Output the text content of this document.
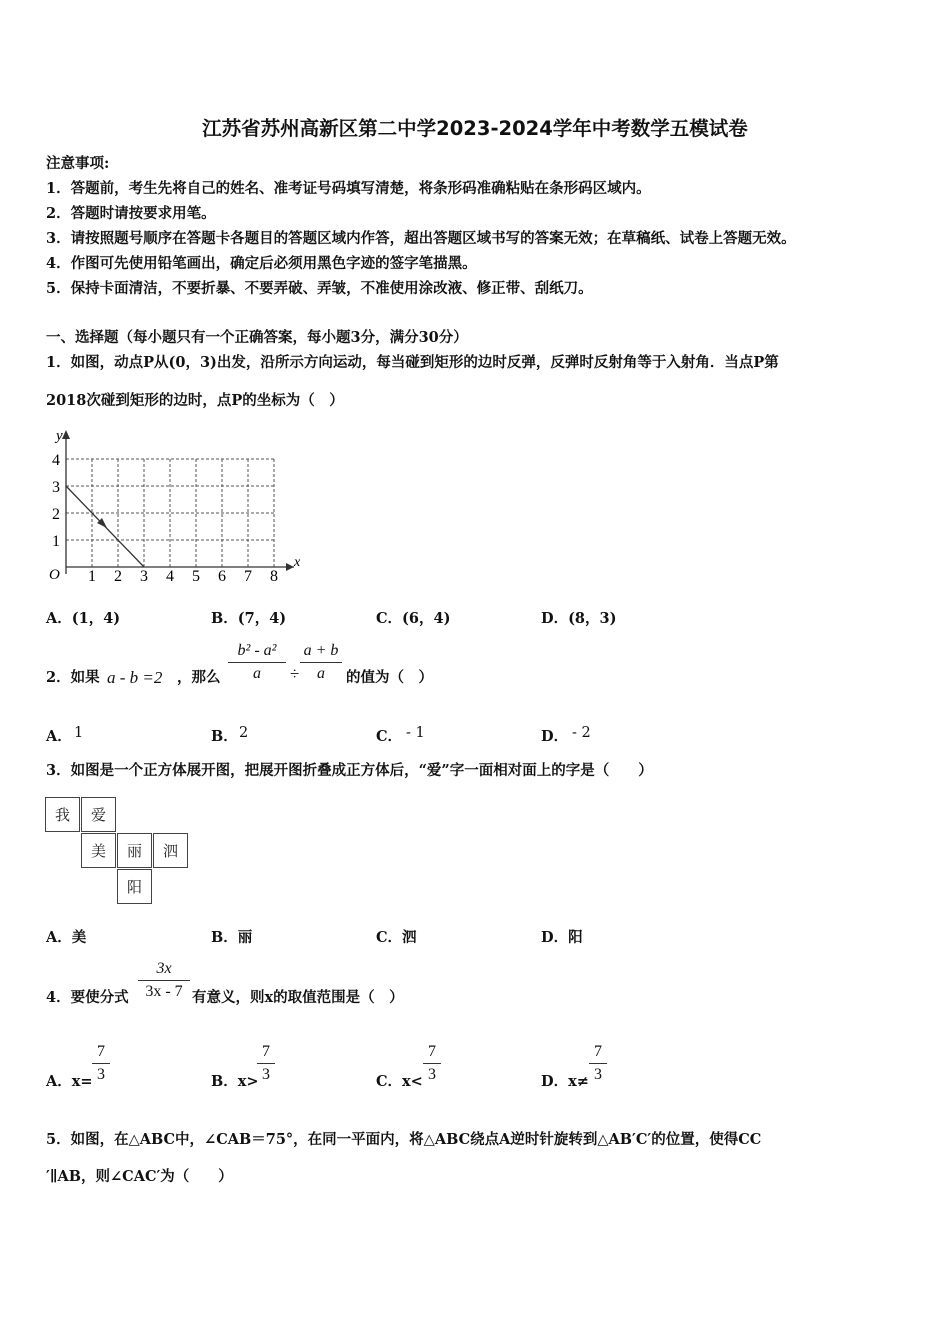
江苏省苏州高新区第二中学2023-2024学年中考数学五模试卷
注意事项:
1．答题前，考生先将自己的姓名、准考证号码填写清楚，将条形码准确粘贴在条形码区域内。
2．答题时请按要求用笔。
3．请按照题号顺序在答题卡各题目的答题区域内作答，超出答题区域书写的答案无效；在草稿纸、试卷上答题无效。
4．作图可先使用铅笔画出，确定后必须用黑色字迹的签字笔描黑。
5．保持卡面清洁，不要折暴、不要弄破、弄皱，不准使用涂改液、修正带、刮纸刀。
一、选择题（每小题只有一个正确答案，每小题3分，满分30分）
1．如图，动点P从(0，3)出发，沿所示方向运动，每当碰到矩形的边时反弹，反弹时反射角等于入射角．当点P第
2018次碰到矩形的边时，点P的坐标为（　）
y
x
O
4
3
2
1
1 2 3 4 5 6 7 8
A．(1，4)	B．(7，4)	C．(6，4)	D．(8，3)
2．如果 a - b =2 ，那么
b² - a²
a	÷
a + b
a	的值为（　）
A． 1	B． 2	C． - 1	D． - 2
3．如图是一个正方体展开图，把展开图折叠成正方体后，“爱”字一面相对面上的字是（　　）
我	爱
美	丽	泗
阳
A．美	B．丽	C．泗	D．阳
4．要使分式
3x
3x - 7 有意义，则x的取值范围是（　）
A．x=
7
3	B．x>
7
3	C．x<
7
3	D．x≠
7
3
5．如图，在△ABC中，∠CAB＝75°，在同一平面内，将△ABC绕点A逆时针旋转到△AB′C′的位置，使得CC
′∥AB，则∠CAC′为（　　）
